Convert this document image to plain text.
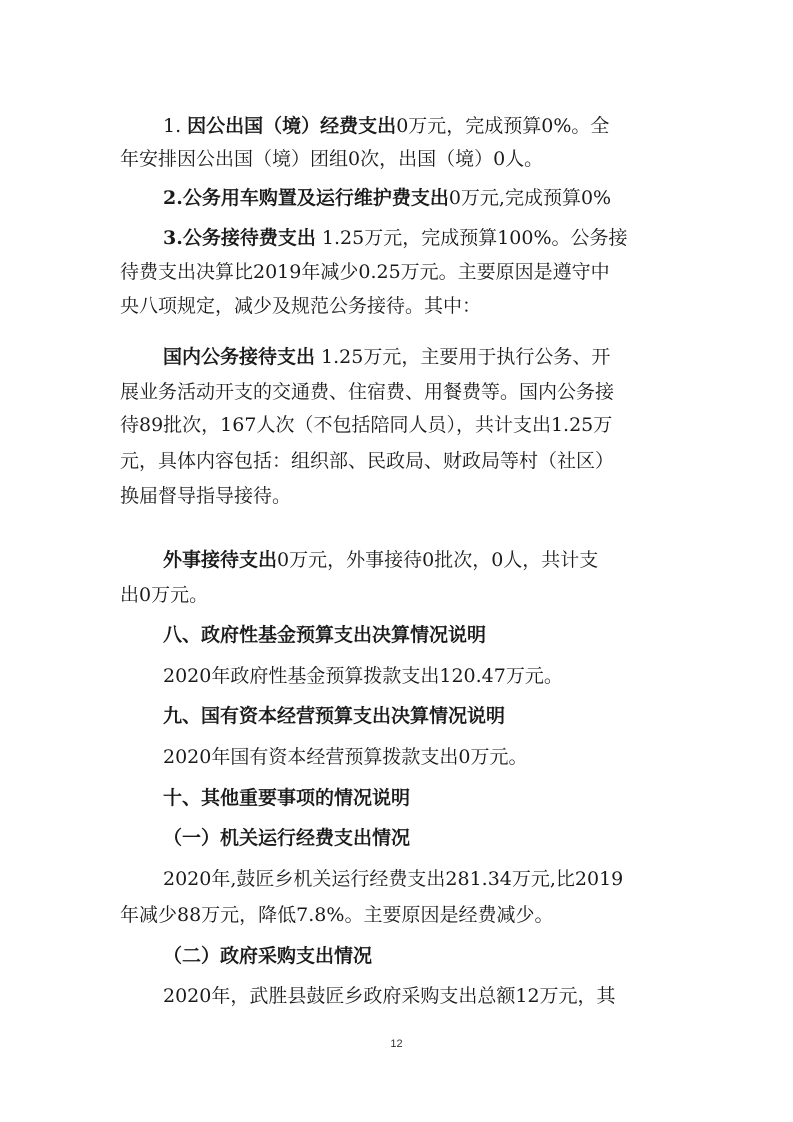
12
1. 因公出国（境）经费支出0万元，完成预算0%。全
年安排因公出国（境）团组0次，出国（境）0人。
2.公务用车购置及运行维护费支出0万元,完成预算0%
3.公务接待费支出 1.25万元，完成预算100%。公务接
待费支出决算比2019年减少0.25万元。主要原因是遵守中
央八项规定，减少及规范公务接待。其中：
国内公务接待支出 1.25万元，主要用于执行公务、开
展业务活动开支的交通费、住宿费、用餐费等。国内公务接
待89批次，167人次（不包括陪同人员），共计支出1.25万
元，具体内容包括：组织部、民政局、财政局等村（社区）
换届督导指导接待。
外事接待支出0万元，外事接待0批次，0人，共计支
出0万元。
八、政府性基金预算支出决算情况说明
2020年政府性基金预算拨款支出120.47万元。
九、国有资本经营预算支出决算情况说明
2020年国有资本经营预算拨款支出0万元。
十、其他重要事项的情况说明
（一）机关运行经费支出情况
2020年,鼓匠乡机关运行经费支出281.34万元,比2019
年减少88万元，降低7.8%。主要原因是经费减少。
（二）政府采购支出情况
2020年，武胜县鼓匠乡政府采购支出总额12万元，其
